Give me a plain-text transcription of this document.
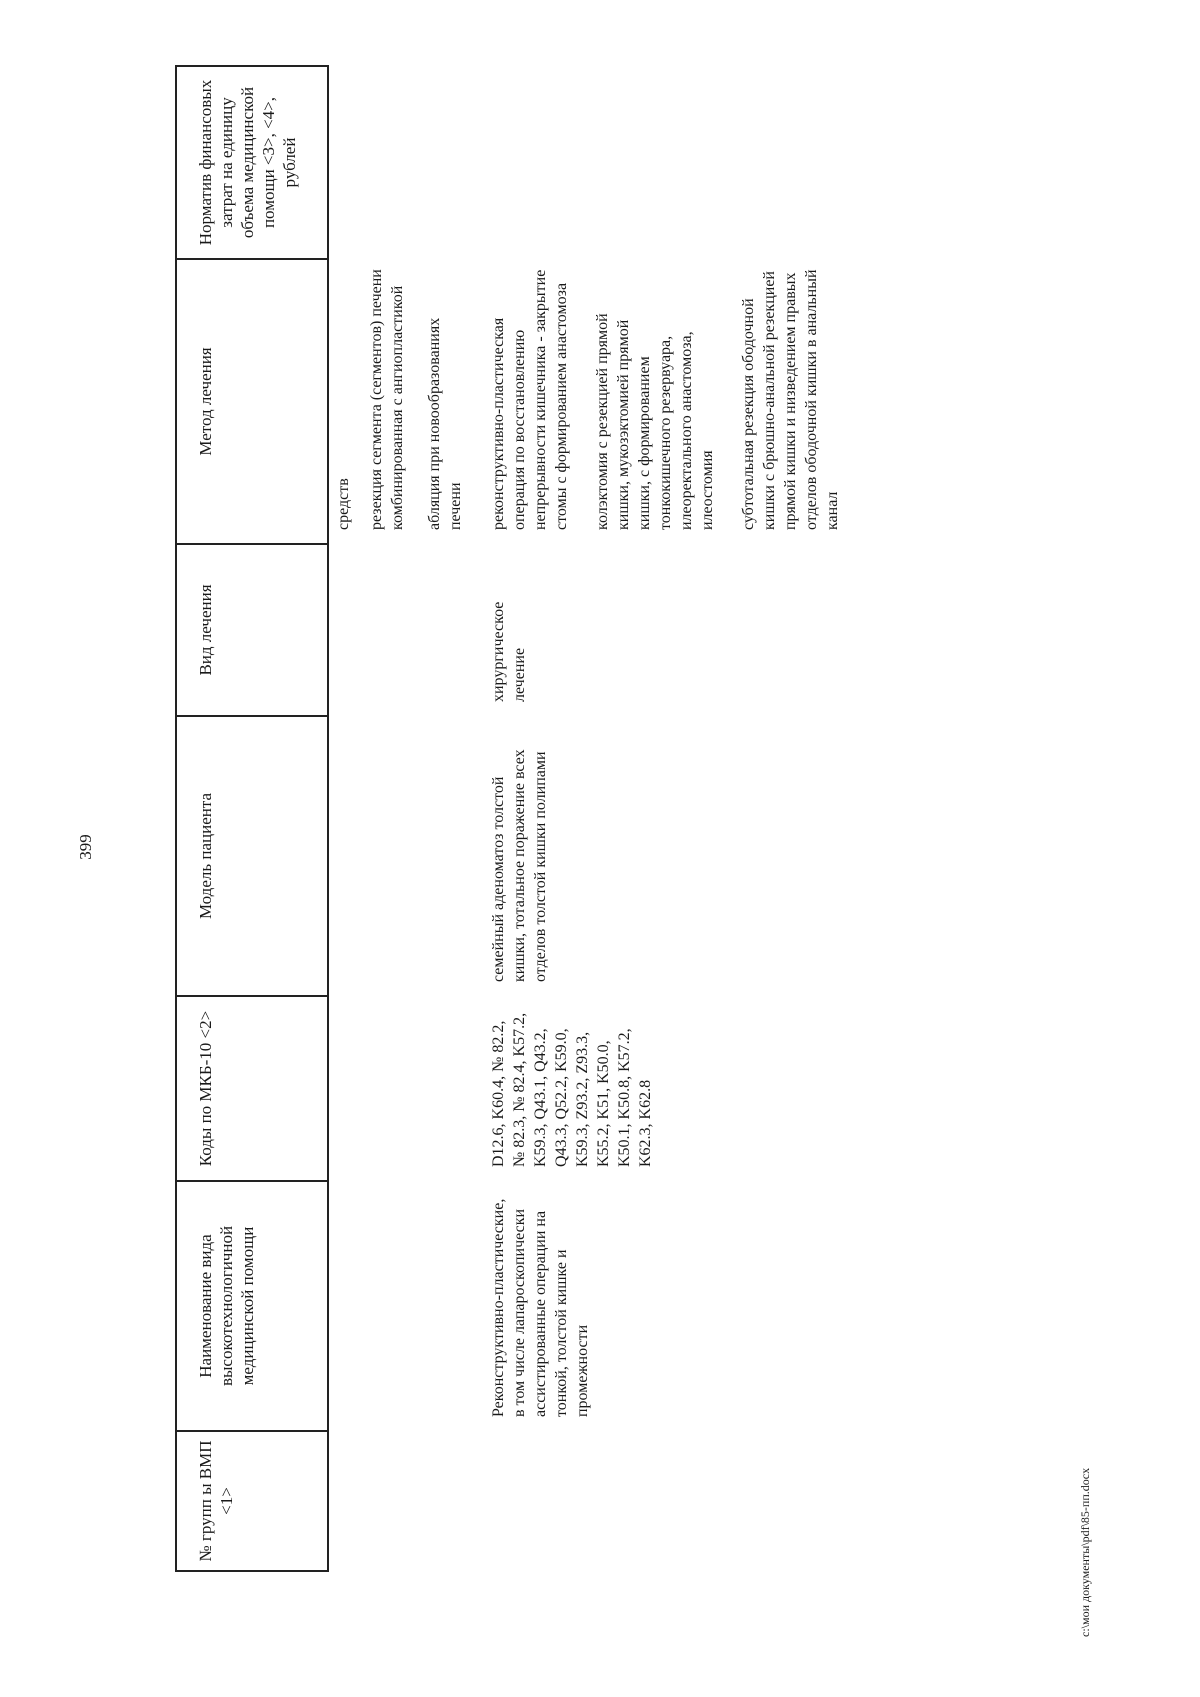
399
№ групп ы ВМП <1>	Наименование вида высокотехнологичной медицинской помощи	Коды по МКБ-10 <2>	Модель пациента	Вид лечения	Метод лечения	Норматив финансовых затрат на единицу объема медицинской помощи <3>, <4>, рублей

					средств резекция сегмента (сегментов) печени комбинированная с ангиопластикой абляция при новообразованиях печени	

	Реконструктивно-пластические, в том числе лапароскопически ассистированные операции на тонкой, толстой кишке и промежности	D12.6, K60.4, № 82.2, № 82.3, № 82.4, K57.2, K59.3, Q43.1, Q43.2, Q43.3, Q52.2, K59.0, K59.3, Z93.2, Z93.3, K55.2, K51, K50.0, K50.1, K50.8, K57.2, K62.3, K62.8	семейный аденоматоз толстой кишки, тотальное поражение всех отделов толстой кишки полипами	хирургическое лечение	реконструктивно-пластическая операция по восстановлению непрерывности кишечника - закрытие стомы с формированием анастомоза колэктомия с резекцией прямой кишки, мукозэктомией прямой кишки, с формированием тонкокишечного резервуара, илеоректального анастомоза, илеостомия субтотальная резекция ободочной кишки с брюшно-анальной резекцией прямой кишки и низведением правых отделов ободочной кишки в анальный канал	

c:\мои документы\pdf\85-пп.docx
